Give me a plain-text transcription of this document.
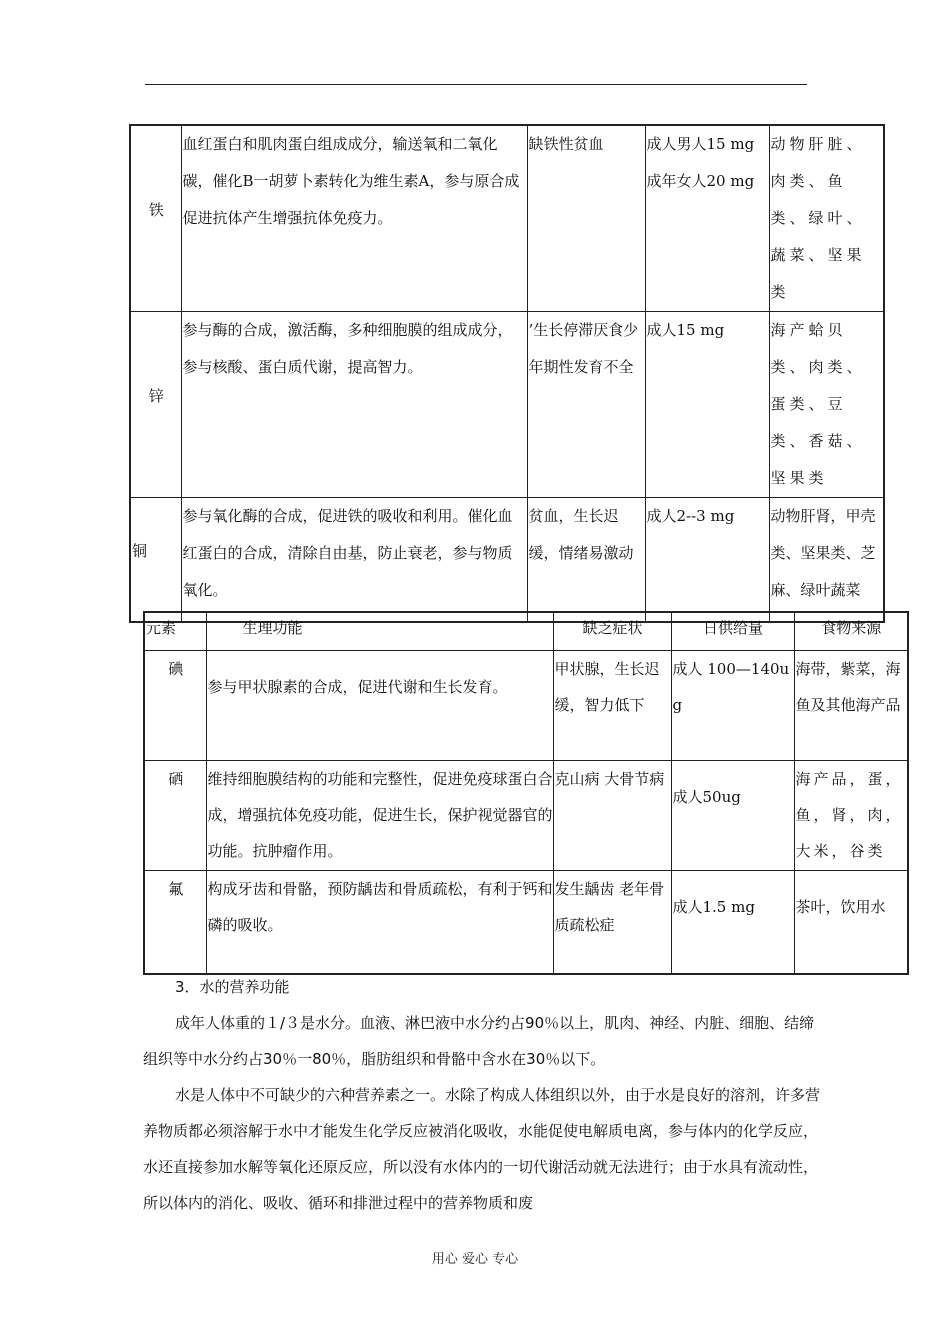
铁	血红蛋白和肌肉蛋白组成成分，输送氧和二氧化碳，催化B一胡萝卜素转化为维生素A，参与原合成促进抗体产生增强抗体免疫力。	缺铁性贫血	成人男人15 mg 成年女人20 mg	动物肝脏、肉类、鱼类、绿叶、蔬菜、坚果类
锌	参与酶的合成，激活酶，多种细胞膜的组成成分，参与核酸、蛋白质代谢，提高智力。	’生长停滞厌食少年期性发育不全	成人15 mg	海产蛤贝类、肉类、蛋类、豆类、香菇、坚果类
铜	参与氧化酶的合成，促进铁的吸收和利用。催化血红蛋白的合成，清除自由基，防止衰老，参与物质氧化。	贫血，生长迟缓，情绪易激动	成人2--3 mg	动物肝肾，甲壳类、坚果类、芝麻、绿叶蔬菜
元素	生理功能	缺乏症状	日供给量	食物来源
碘	参与甲状腺素的合成，促进代谢和生长发育。	甲状腺，生长迟缓，智力低下	成人 100—140ug	海带，紫菜，海鱼及其他海产品
硒	维持细胞膜结构的功能和完整性，促进免疫球蛋白合成，增强抗体免疫功能，促进生长，保护视觉器官的功能。抗肿瘤作用。	克山病 大骨节病	成人50ug	海产品，蛋，鱼，肾，肉，大米，谷类
氟	构成牙齿和骨骼，预防龋齿和骨质疏松，有利于钙和磷的吸收。	发生龋齿 老年骨质疏松症	成人1.5 mg	茶叶，饮用水

3．水的营养功能

成年人体重的１/３是水分。血液、淋巴液中水分约占90％以上，肌肉、神经、内脏、细胞、结缔组织等中水分约占30％一80％，脂肪组织和骨骼中含水在30％以下。

水是人体中不可缺少的六种营养素之一。水除了构成人体组织以外，由于水是良好的溶剂，许多营养物质都必须溶解于水中才能发生化学反应被消化吸收，水能促使电解质电离，参与体内的化学反应，水还直接参加水解等氧化还原反应，所以没有水体内的一切代谢活动就无法进行；由于水具有流动性，所以体内的消化、吸收、循环和排泄过程中的营养物质和废

用心 爱心 专心
